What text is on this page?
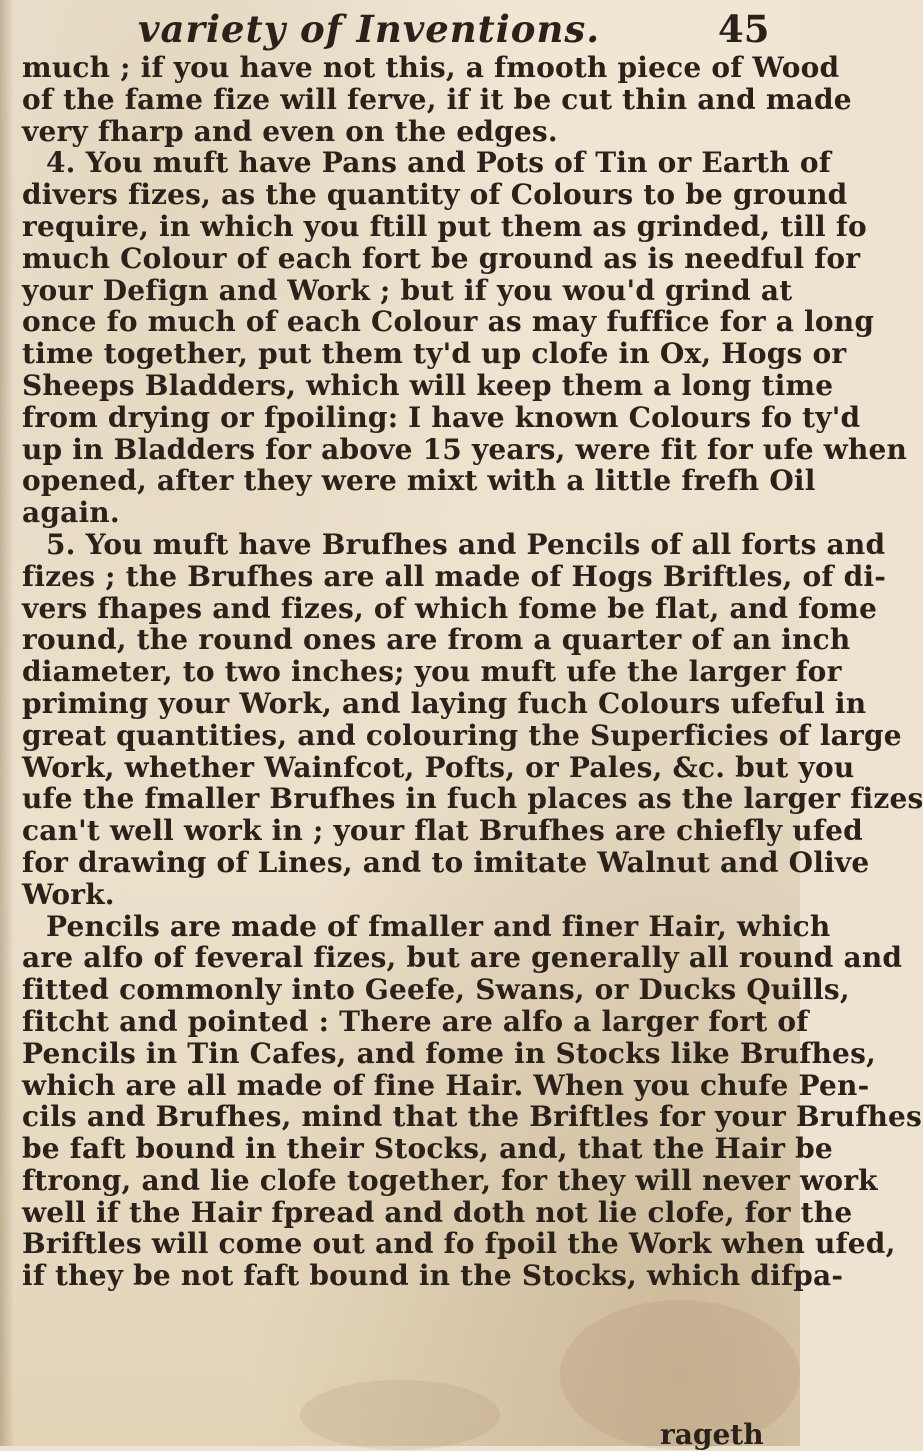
variety of Inventions.	45
much ; if you have not this, a fmooth piece of Wood
of the fame fize will ferve, if it be cut thin and made
very fharp and even on the edges.
4. You muft have Pans and Pots of Tin or Earth of
divers fizes, as the quantity of Colours to be ground
require, in which you ftill put them as grinded, till fo
much Colour of each fort be ground as is needful for
your Defign and Work ; but if you wou'd grind at
once fo much of each Colour as may fuffice for a long
time together, put them ty'd up clofe in Ox, Hogs or
Sheeps Bladders, which will keep them a long time
from drying or fpoiling: I have known Colours fo ty'd
up in Bladders for above 15 years, were fit for ufe when
opened, after they were mixt with a little frefh Oil
again.
5. You muft have Brufhes and Pencils of all forts and
fizes ; the Brufhes are all made of Hogs Briftles, of di-
vers fhapes and fizes, of which fome be flat, and fome
round, the round ones are from a quarter of an inch
diameter, to two inches; you muft ufe the larger for
priming your Work, and laying fuch Colours ufeful in
great quantities, and colouring the Superficies of large
Work, whether Wainfcot, Pofts, or Pales, &c. but you
ufe the fmaller Brufhes in fuch places as the larger fizes
can't well work in ; your flat Brufhes are chiefly ufed
for drawing of Lines, and to imitate Walnut and Olive
Work.
Pencils are made of fmaller and finer Hair, which
are alfo of feveral fizes, but are generally all round and
fitted commonly into Geefe, Swans, or Ducks Quills,
fitcht and pointed : There are alfo a larger fort of
Pencils in Tin Cafes, and fome in Stocks like Brufhes,
which are all made of fine Hair. When you chufe Pen-
cils and Brufhes, mind that the Briftles for your Brufhes
be faft bound in their Stocks, and, that the Hair be
ftrong, and lie clofe together, for they will never work
well if the Hair fpread and doth not lie clofe, for the
Briftles will come out and fo fpoil the Work when ufed,
if they be not faft bound in the Stocks, which difpa-
rageth
